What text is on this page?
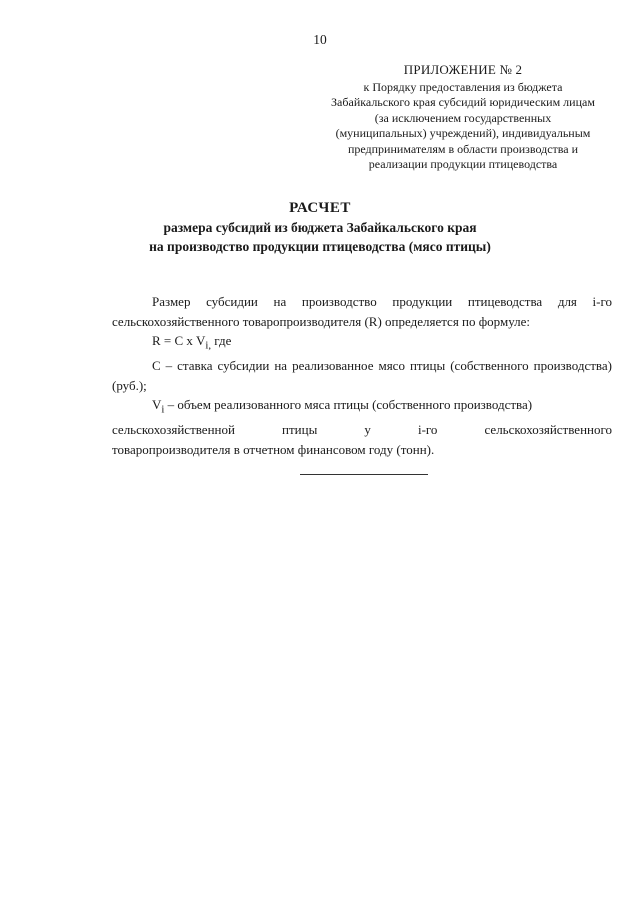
10
ПРИЛОЖЕНИЕ № 2
к Порядку предоставления из бюджета
Забайкальского края субсидий юридическим лицам
(за исключением государственных
(муниципальных) учреждений), индивидуальным
предпринимателям в области производства и
реализации продукции птицеводства
РАСЧЕТ
размера субсидий из бюджета Забайкальского края
на производство продукции птицеводства (мясо птицы)

Размер субсидии на производство продукции птицеводства для i-го сельскохозяйственного товаропроизводителя (R) определяется по формуле:

R = C x $V_{i,}$ где

С – ставка субсидии на реализованное мясо птицы (собственного производства) (руб.);

$V_i$ – объем реализованного мяса птицы (собственного производства)

сельскохозяйственной птицы у i-го сельскохозяйственного

товаропроизводителя в отчетном финансовом году (тонн).
